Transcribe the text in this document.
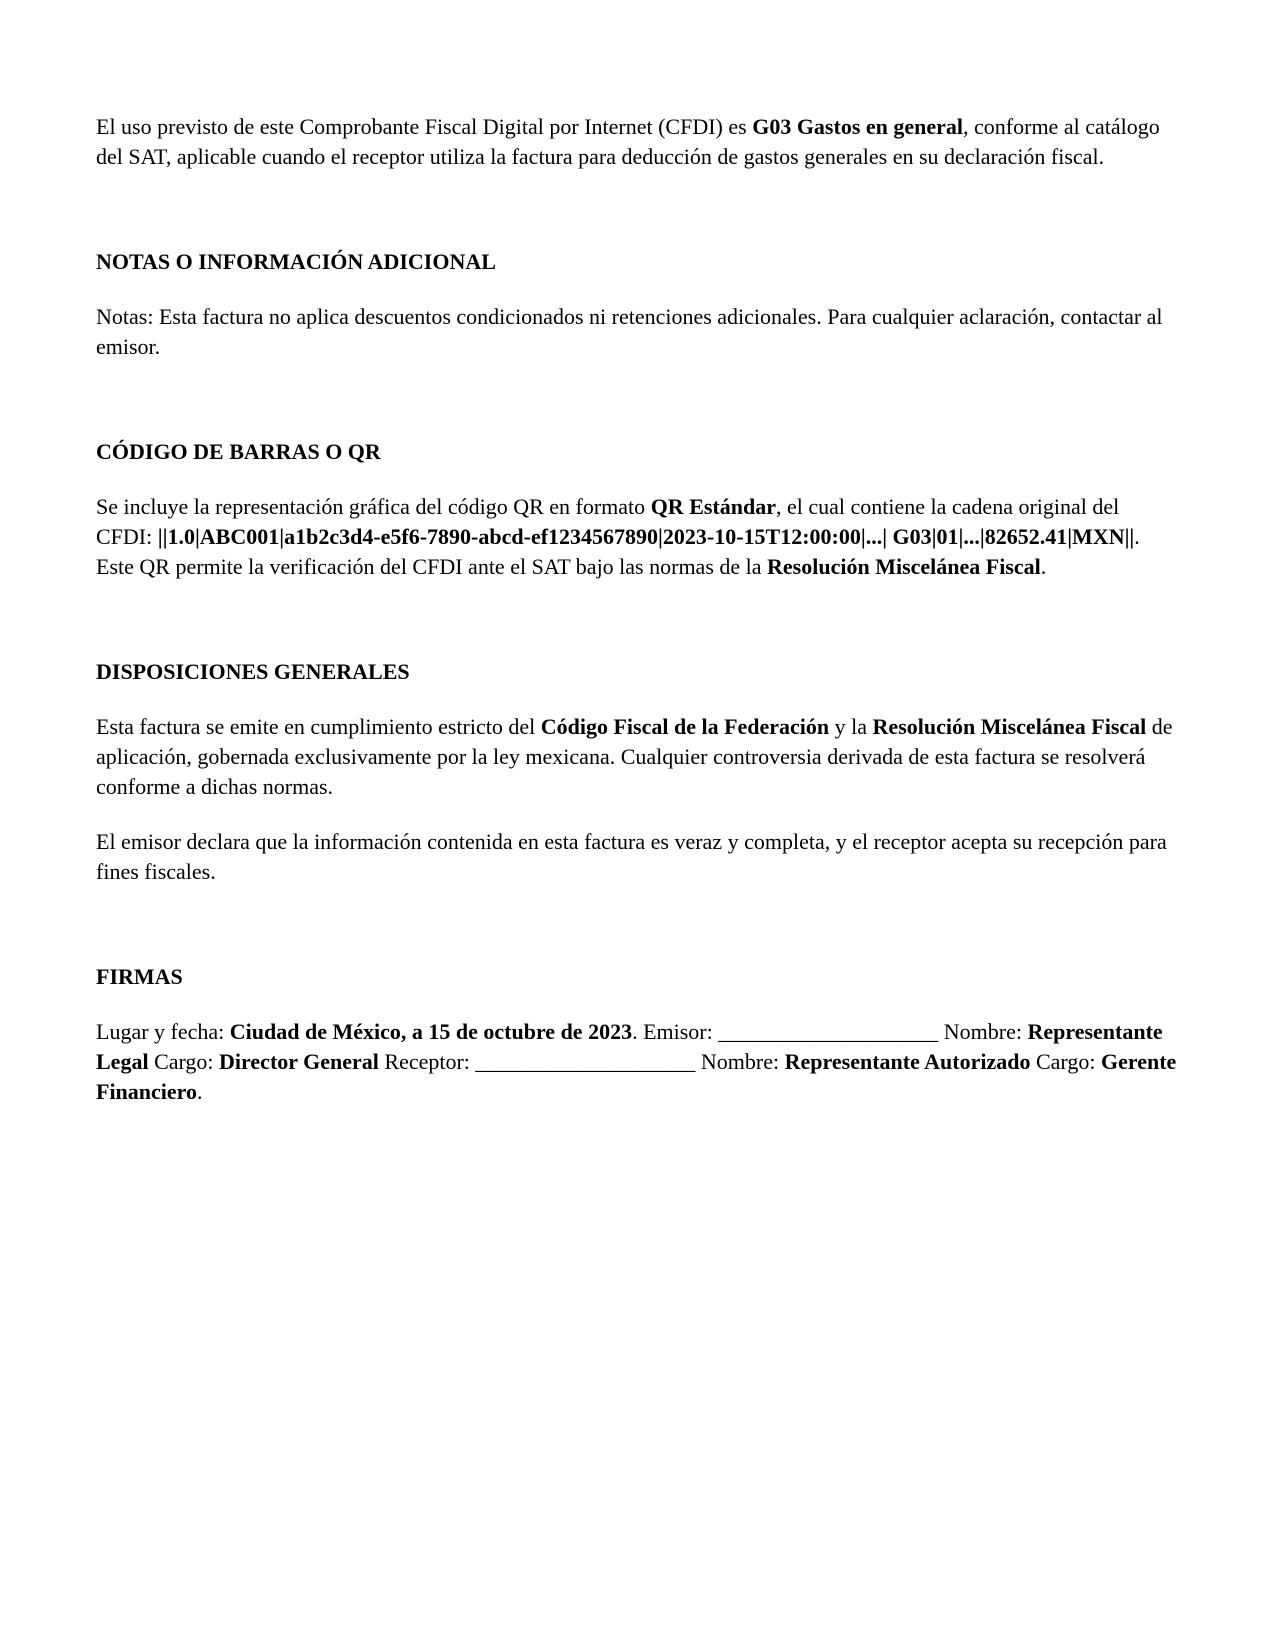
El uso previsto de este Comprobante Fiscal Digital por Internet (CFDI) es G03 Gastos en general, conforme al catálogo del SAT, aplicable cuando el receptor utiliza la factura para deducción de gastos generales en su declaración fiscal.

NOTAS O INFORMACIÓN ADICIONAL

Notas: Esta factura no aplica descuentos condicionados ni retenciones adicionales. Para cualquier aclaración, contactar al emisor.

CÓDIGO DE BARRAS O QR

Se incluye la representación gráfica del código QR en formato QR Estándar, el cual contiene la cadena original del CFDI: ||1.0|ABC001|a1b2c3d4-e5f6-7890-abcd-ef1234567890|2023-10-15T12:00:00|...| G03|01|...|82652.41|MXN||. Este QR permite la verificación del CFDI ante el SAT bajo las normas de la Resolución Miscelánea Fiscal.

DISPOSICIONES GENERALES

Esta factura se emite en cumplimiento estricto del Código Fiscal de la Federación y la Resolución Miscelánea Fiscal de aplicación, gobernada exclusivamente por la ley mexicana. Cualquier controversia derivada de esta factura se resolverá conforme a dichas normas.

El emisor declara que la información contenida en esta factura es veraz y completa, y el receptor acepta su recepción para fines fiscales.

FIRMAS

Lugar y fecha: Ciudad de México, a 15 de octubre de 2023. Emisor: ____________________ Nombre: Representante Legal Cargo: Director General Receptor: ____________________ Nombre: Representante Autorizado Cargo: Gerente Financiero.
